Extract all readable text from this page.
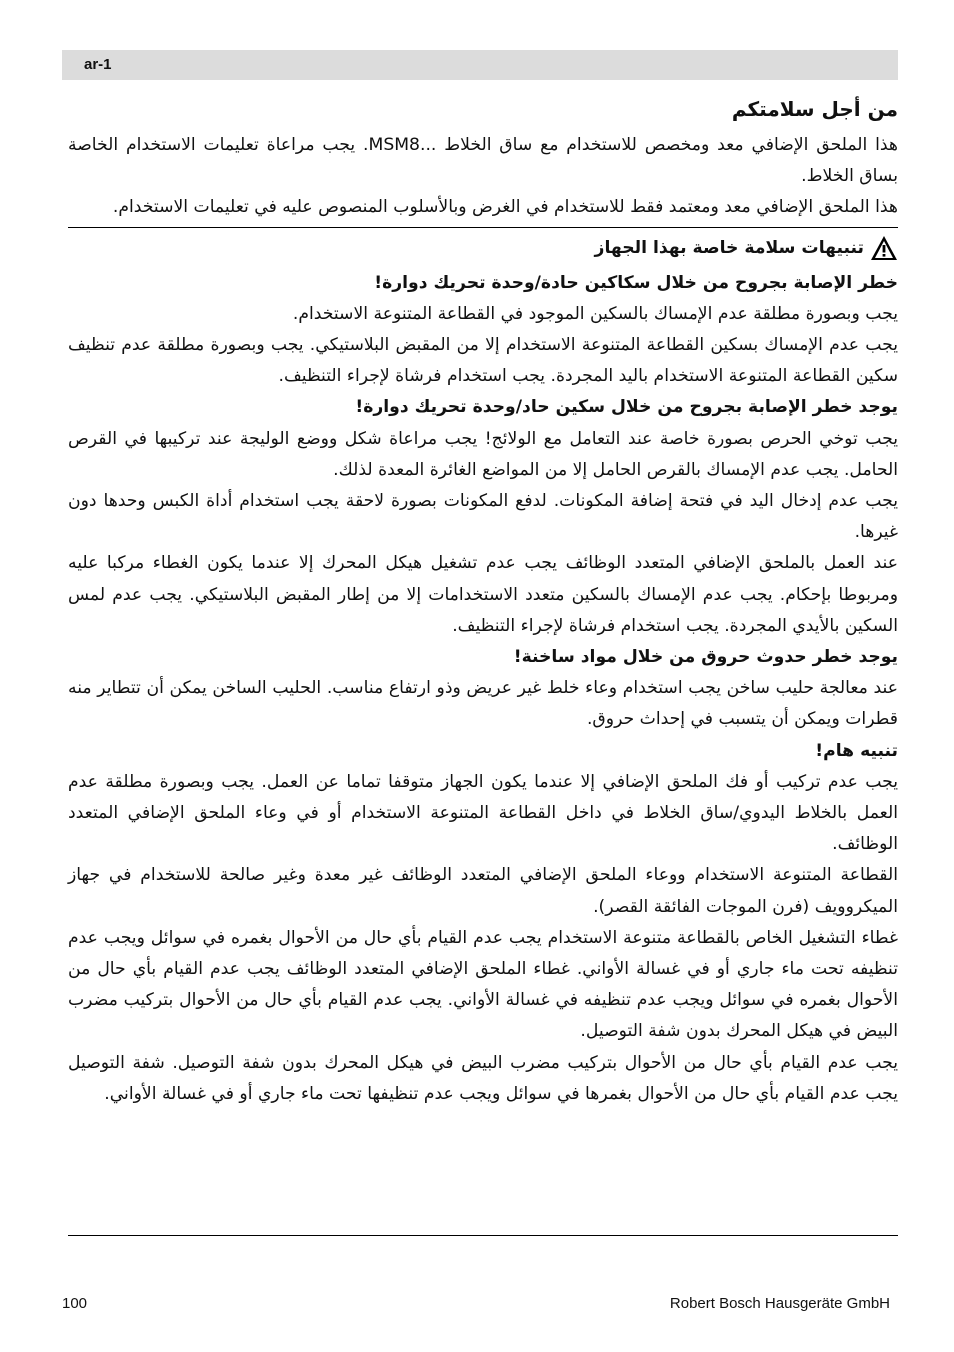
ar-1

من أجل سلامتكم

هذا الملحق الإضافي معد ومخصص للاستخدام مع ساق الخلاط ...MSM8. يجب مراعاة تعليمات الاستخدام الخاصة بساق الخلاط.

هذا الملحق الإضافي معد ومعتمد فقط للاستخدام في الغرض وبالأسلوب المنصوص عليه في تعليمات الاستخدام.

تنبيهات سلامة خاصة بهذا الجهاز

خطر الإصابة بجروح من خلال سكاكين حادة/وحدة تحريك دوارة!

يجب وبصورة مطلقة عدم الإمساك بالسكين الموجود في القطاعة المتنوعة الاستخدام.

يجب عدم الإمساك بسكين القطاعة المتنوعة الاستخدام إلا من المقبض البلاستيكي. يجب وبصورة مطلقة عدم تنظيف سكين القطاعة المتنوعة الاستخدام باليد المجردة. يجب استخدام فرشاة لإجراء التنظيف.

يوجد خطر الإصابة بجروح من خلال سكين حاد/وحدة تحريك دوارة!

يجب توخي الحرص بصورة خاصة عند التعامل مع الولائج! يجب مراعاة شكل ووضع الوليجة عند تركيبها في القرص الحامل. يجب عدم الإمساك بالقرص الحامل إلا من المواضع الغائرة المعدة لذلك.

يجب عدم إدخال اليد في فتحة إضافة المكونات. لدفع المكونات بصورة لاحقة يجب استخدام أداة الكبس وحدها دون غيرها.

عند العمل بالملحق الإضافي المتعدد الوظائف يجب عدم تشغيل هيكل المحرك إلا عندما يكون الغطاء مركبا عليه ومربوطا بإحكام. يجب عدم الإمساك بالسكين متعدد الاستخدامات إلا من إطار المقبض البلاستيكي. يجب عدم لمس السكين بالأيدي المجردة. يجب استخدام فرشاة لإجراء التنظيف.

يوجد خطر حدوث حروق من خلال مواد ساخنة!

عند معالجة حليب ساخن يجب استخدام وعاء خلط غير عريض وذو ارتفاع مناسب. الحليب الساخن يمكن أن تتطاير منه قطرات ويمكن أن يتسبب في إحداث حروق.

تنبيه هام!

يجب عدم تركيب أو فك الملحق الإضافي إلا عندما يكون الجهاز متوقفا تماما عن العمل. يجب وبصورة مطلقة عدم العمل بالخلاط اليدوي/ساق الخلاط في داخل القطاعة المتنوعة الاستخدام أو في وعاء الملحق الإضافي المتعدد الوظائف.

القطاعة المتنوعة الاستخدام ووعاء الملحق الإضافي المتعدد الوظائف غير معدة وغير صالحة للاستخدام في جهاز الميكروويف (فرن الموجات الفائقة القصر).

غطاء التشغيل الخاص بالقطاعة متنوعة الاستخدام يجب عدم القيام بأي حال من الأحوال بغمره في سوائل ويجب عدم تنظيفه تحت ماء جاري أو في غسالة الأواني. غطاء الملحق الإضافي المتعدد الوظائف يجب عدم القيام بأي حال من الأحوال بغمره في سوائل ويجب عدم تنظيفه في غسالة الأواني. يجب عدم القيام بأي حال من الأحوال بتركيب مضرب البيض في هيكل المحرك بدون شفة التوصيل.

يجب عدم القيام بأي حال من الأحوال بتركيب مضرب البيض في هيكل المحرك بدون شفة التوصيل. شفة التوصيل يجب عدم القيام بأي حال من الأحوال بغمرها في سوائل ويجب عدم تنظيفها تحت ماء جاري أو في غسالة الأواني.

100	Robert Bosch Hausgeräte GmbH
